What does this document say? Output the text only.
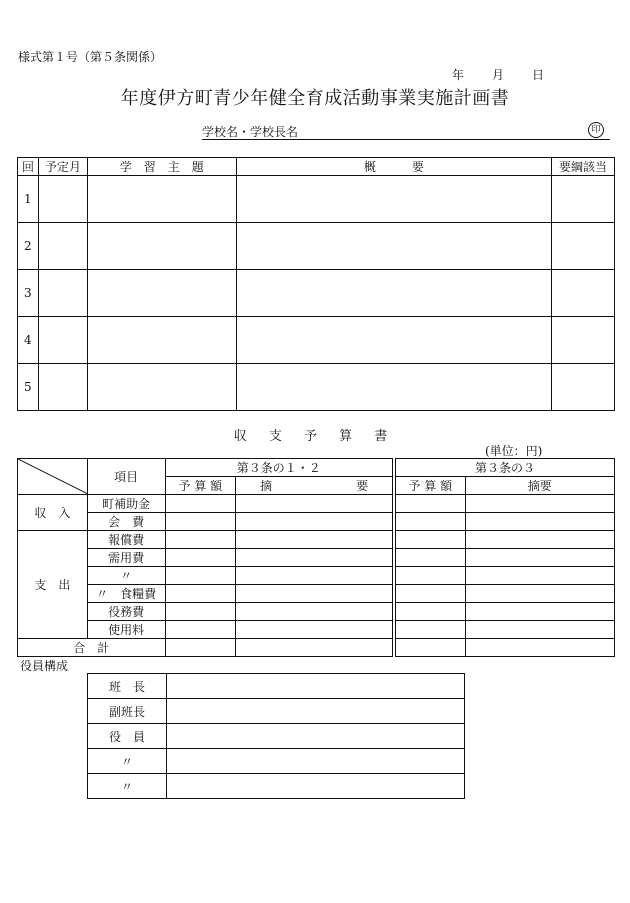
様式第１号（第５条関係）
年 月 日
年度伊方町青少年健全育成活動事業実施計画書
学校名・学校長名	印
回	予定月	学　習　主　題	概　　　要	要綱該当
1				
2				
3				
4				
5				
収 支 予 算 書
(単位：円)
	項目	第３条の１・２			第３条の３	
		予 算 額	摘　　　　　　　要		予 算 額	摘要
収　入	町補助金					
	会　費					
支　出	報償費					
	需用費					
	〃					
	〃　食糧費					
	役務費					
	使用料					
合　計						
役員構成
班　長	
副班長	
役　員	
〃	
〃	
